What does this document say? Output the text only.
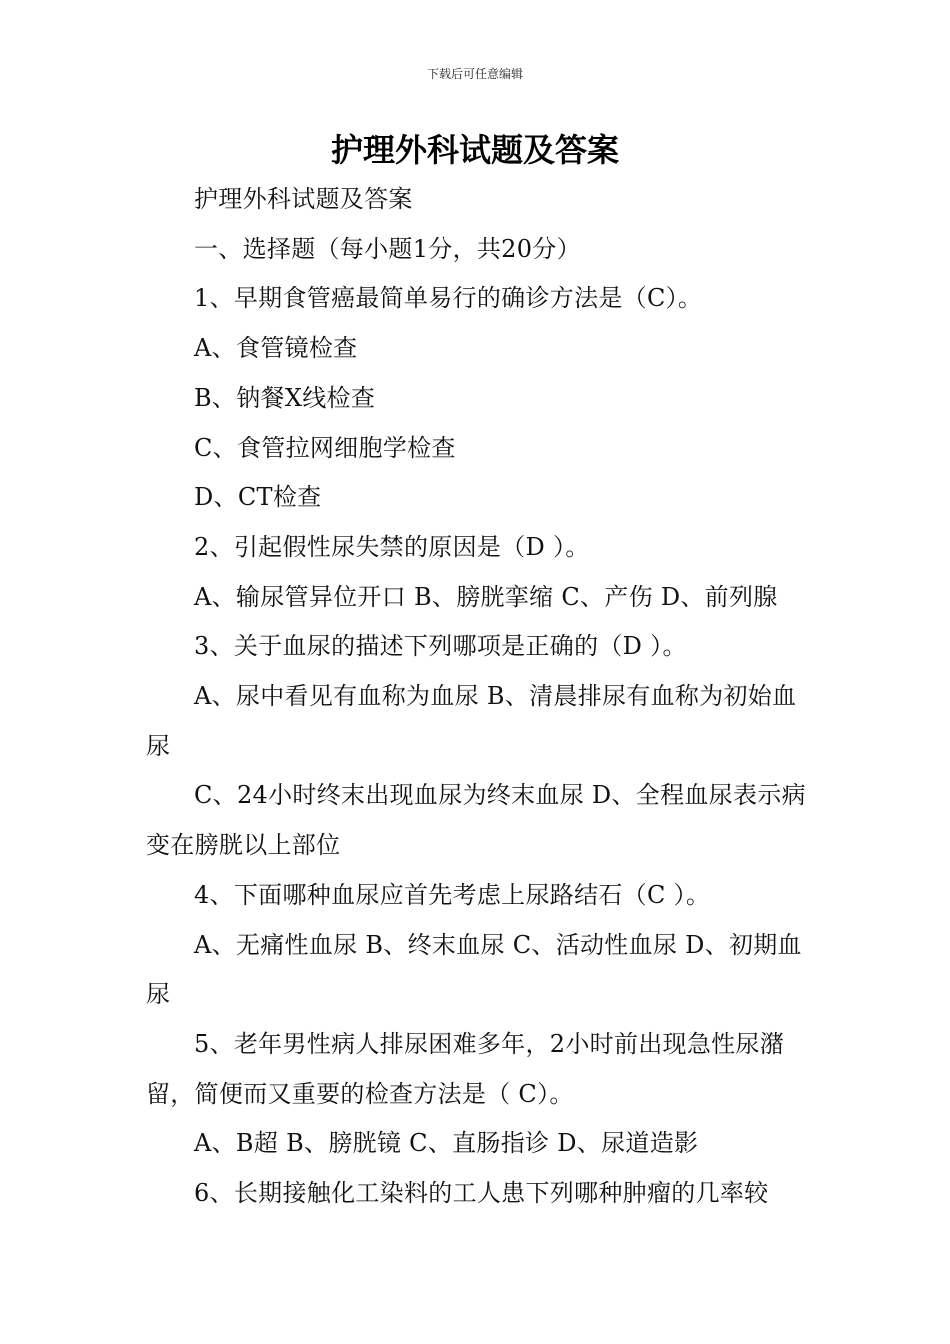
下载后可任意编辑
护理外科试题及答案

护理外科试题及答案

一、选择题（每小题1分，共20分）

1、早期食管癌最简单易行的确诊方法是（C）。

A、食管镜检查

B、钠餐X线检查

C、食管拉网细胞学检查

D、CT检查

2、引起假性尿失禁的原因是（D ）。

A、输尿管异位开口 B、膀胱挛缩 C、产伤 D、前列腺

3、关于血尿的描述下列哪项是正确的（D ）。

A、尿中看见有血称为血尿 B、清晨排尿有血称为初始血尿

C、24小时终末出现血尿为终末血尿 D、全程血尿表示病变在膀胱以上部位

4、下面哪种血尿应首先考虑上尿路结石（C ）。

A、无痛性血尿 B、终末血尿 C、活动性血尿 D、初期血尿

5、老年男性病人排尿困难多年，2小时前出现急性尿潴留，简便而又重要的检查方法是（ C）。

A、B超 B、膀胱镜 C、直肠指诊 D、尿道造影

6、长期接触化工染料的工人患下列哪种肿瘤的几率较
